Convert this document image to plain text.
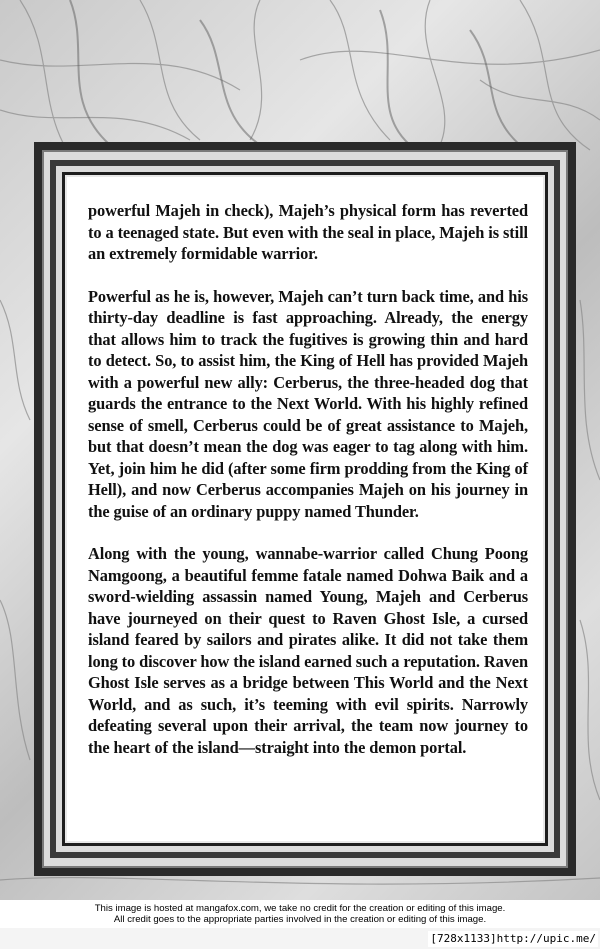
powerful Majeh in check), Majeh’s physical form has reverted to a teenaged state. But even with the seal in place, Majeh is still an extremely formidable warrior.

Powerful as he is, however, Majeh can’t turn back time, and his thirty-day deadline is fast approaching. Already, the energy that allows him to track the fugitives is growing thin and hard to detect. So, to assist him, the King of Hell has provided Majeh with a powerful new ally: Cerberus, the three-headed dog that guards the entrance to the Next World. With his highly refined sense of smell, Cerberus could be of great assistance to Majeh, but that doesn’t mean the dog was eager to tag along with him. Yet, join him he did (after some firm prodding from the King of Hell), and now Cerberus accompanies Majeh on his journey in the guise of an ordinary puppy named Thunder.

Along with the young, wannabe-warrior called Chung Poong Namgoong, a beautiful femme fatale named Dohwa Baik and a sword-wielding assassin named Young, Majeh and Cerberus have journeyed on their quest to Raven Ghost Isle, a cursed island feared by sailors and pirates alike. It did not take them long to discover how the island earned such a reputation. Raven Ghost Isle serves as a bridge between This World and the Next World, and as such, it’s teeming with evil spirits. Narrowly defeating several upon their arrival, the team now journey to the heart of the island—straight into the demon portal.

This image is hosted at mangafox.com, we take no credit for the creation or editing of this image.
All credit goes to the appropriate parties involved in the creation or editing of this image.
[728x1133]http://upic.me/
